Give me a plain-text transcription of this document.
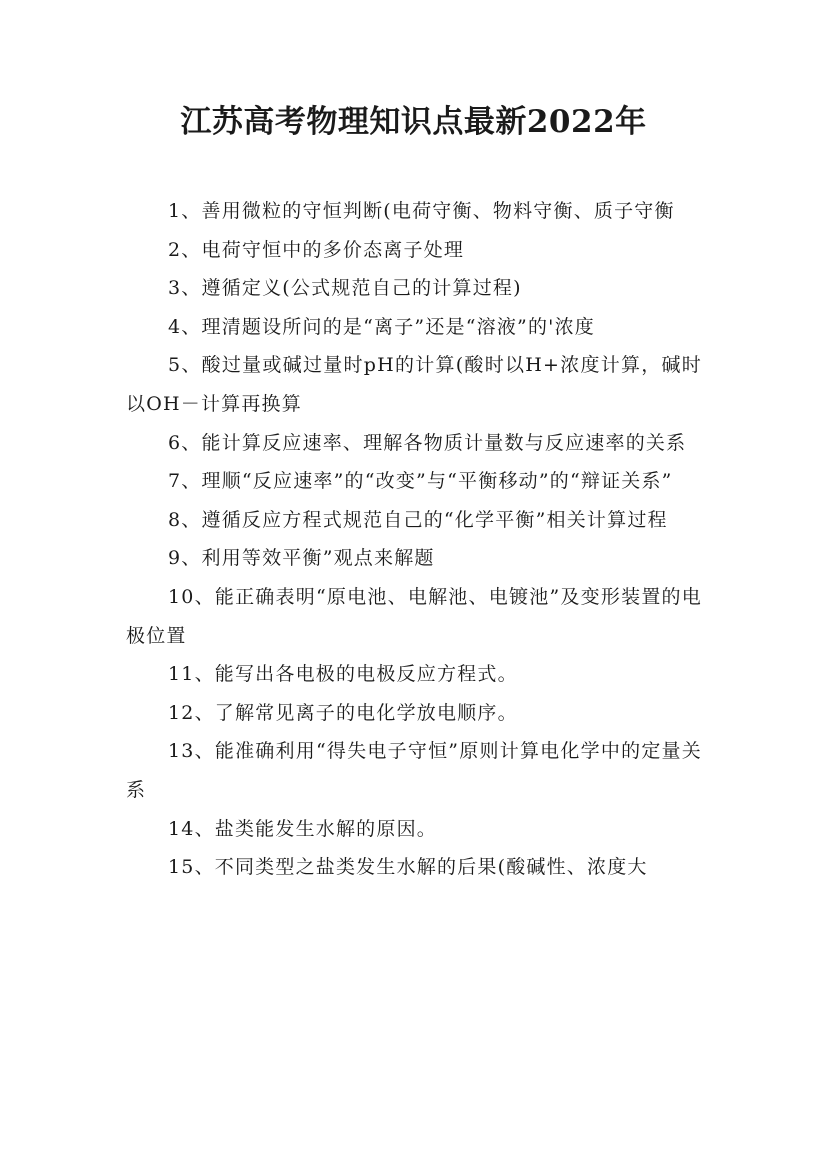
江苏高考物理知识点最新2022年

1、善用微粒的守恒判断(电荷守衡、物料守衡、质子守衡

2、电荷守恒中的多价态离子处理

3、遵循定义(公式规范自己的计算过程)

4、理清题设所问的是“离子”还是“溶液”的'浓度

5、酸过量或碱过量时pH的计算(酸时以H+浓度计算，碱时以OH－计算再换算

6、能计算反应速率、理解各物质计量数与反应速率的关系

7、理顺“反应速率”的“改变”与“平衡移动”的“辩证关系”

8、遵循反应方程式规范自己的“化学平衡”相关计算过程

9、利用等效平衡”观点来解题

10、能正确表明“原电池、电解池、电镀池”及变形装置的电极位置

11、能写出各电极的电极反应方程式。

12、了解常见离子的电化学放电顺序。

13、能准确利用“得失电子守恒”原则计算电化学中的定量关系

14、盐类能发生水解的原因。

15、不同类型之盐类发生水解的后果(酸碱性、浓度大
